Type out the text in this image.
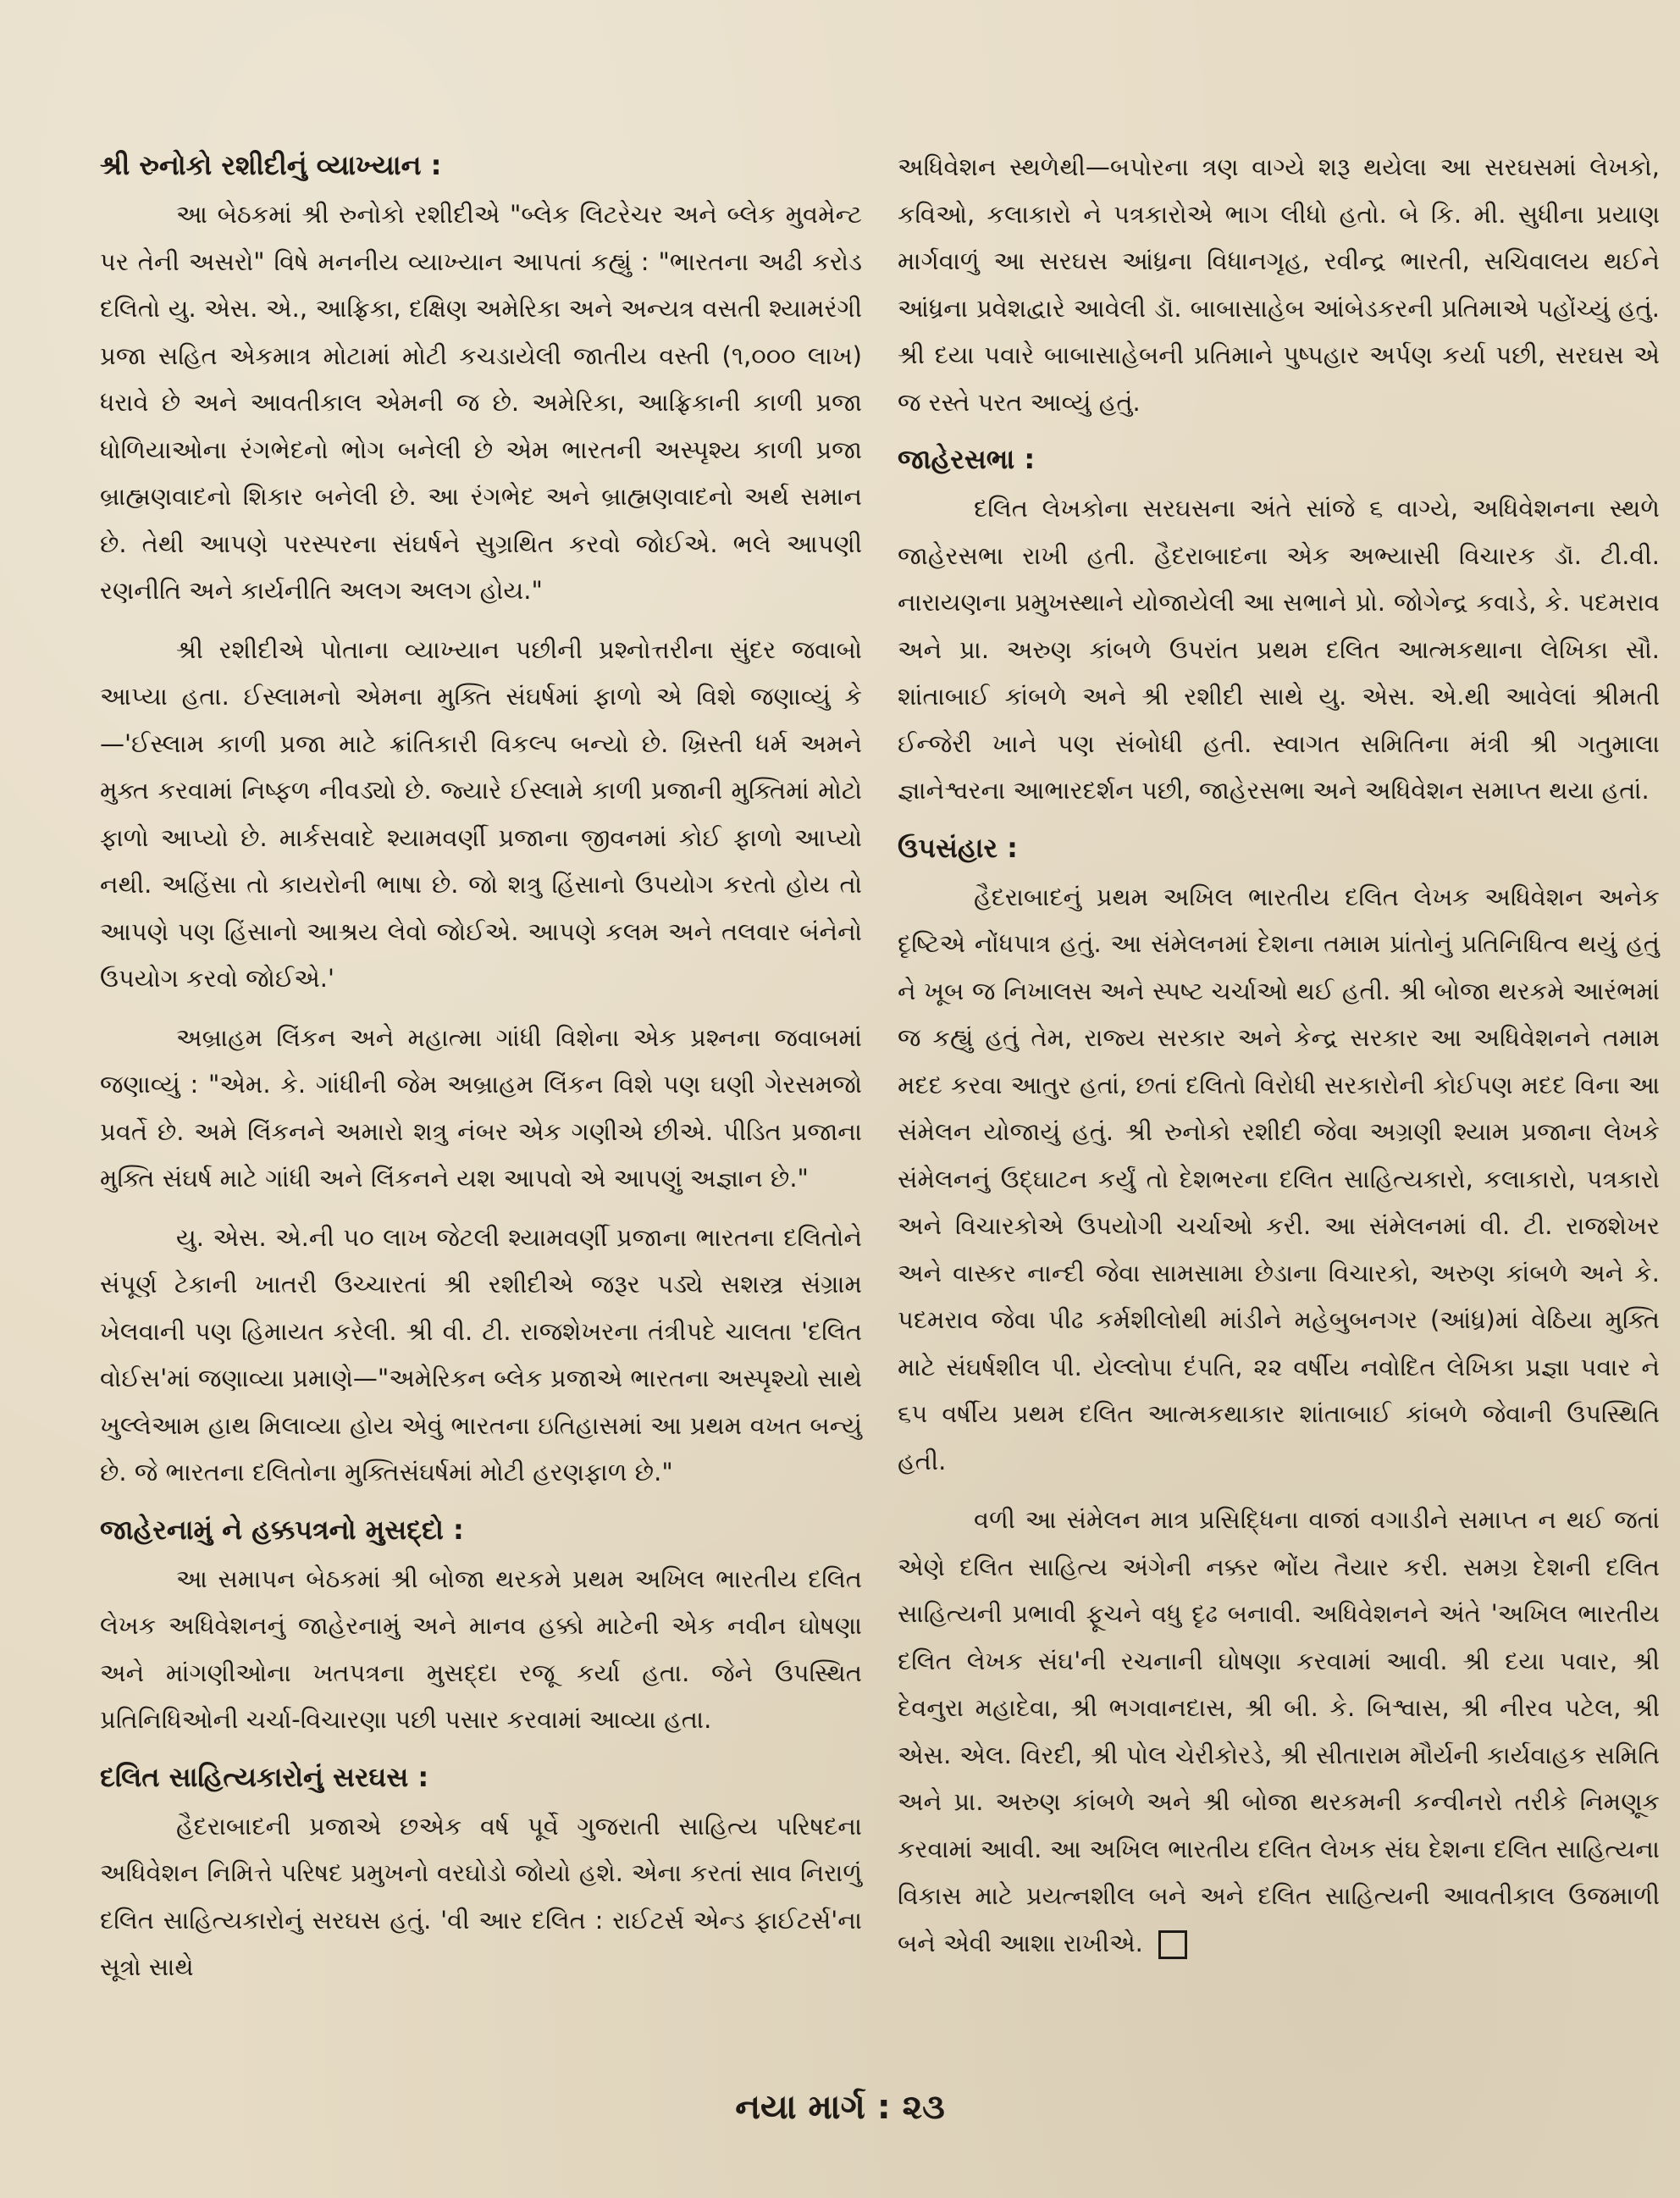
શ્રી રુનોકો રશીદીનું વ્યાખ્યાન :

આ બેઠકમાં શ્રી રુનોકો રશીદીએ "બ્લેક લિટરેચર અને બ્લેક મુવમેન્ટ પર તેની અસરો" વિષે મનનીય વ્યાખ્યાન આપતાં કહ્યું : "ભારતના અઢી કરોડ દલિતો યુ. એસ. એ., આફ્રિકા, દક્ષિણ અમેરિકા અને અન્યત્ર વસતી શ્યામરંગી પ્રજા સહિત એકમાત્ર મોટામાં મોટી કચડાયેલી જાતીય વસ્તી (૧,૦૦૦ લાખ) ધરાવે છે અને આવતીકાલ એમની જ છે. અમેરિકા, આફ્રિકાની કાળી પ્રજા ધોળિયાઓના રંગભેદનો ભોગ બનેલી છે એમ ભારતની અસ્પૃશ્ય કાળી પ્રજા બ્રાહ્મણવાદનો શિકાર બનેલી છે. આ રંગભેદ અને બ્રાહ્મણવાદનો અર્થ સમાન છે. તેથી આપણે પરસ્પરના સંઘર્ષને સુગ્રથિત કરવો જોઈએ. ભલે આપણી રણનીતિ અને કાર્યનીતિ અલગ અલગ હોય."

શ્રી રશીદીએ પોતાના વ્યાખ્યાન પછીની પ્રશ્નોત્તરીના સુંદર જવાબો આપ્યા હતા. ઈસ્લામનો એમના મુક્તિ સંઘર્ષમાં ફાળો એ વિશે જણાવ્યું કે—'ઈસ્લામ કાળી પ્રજા માટે ક્રાંતિકારી વિકલ્પ બન્યો છે. ખ્રિસ્તી ધર્મ અમને મુક્ત કરવામાં નિષ્ફળ નીવડ્યો છે. જ્યારે ઈસ્લામે કાળી પ્રજાની મુક્તિમાં મોટો ફાળો આપ્યો છે. માર્કસવાદે શ્યામવર્ણી પ્રજાના જીવનમાં કોઈ ફાળો આપ્યો નથી. અહિંસા તો કાયરોની ભાષા છે. જો શત્રુ હિંસાનો ઉપયોગ કરતો હોય તો આપણે પણ હિંસાનો આશ્રય લેવો જોઈએ. આપણે કલમ અને તલવાર બંનેનો ઉપયોગ કરવો જોઈએ.'

અબ્રાહમ લિંકન અને મહાત્મા ગાંધી વિશેના એક પ્રશ્નના જવાબમાં જણાવ્યું : "એમ. કે. ગાંધીની જેમ અબ્રાહમ લિંકન વિશે પણ ઘણી ગેરસમજો પ્રવર્તે છે. અમે લિંકનને અમારો શત્રુ નંબર એક ગણીએ છીએ. પીડિત પ્રજાના મુક્તિ સંઘર્ષ માટે ગાંધી અને લિંકનને યશ આપવો એ આપણું અજ્ઞાન છે."

યુ. એસ. એ.ની ૫૦ લાખ જેટલી શ્યામવર્ણી પ્રજાના ભારતના દલિતોને સંપૂર્ણ ટેકાની ખાતરી ઉચ્ચારતાં શ્રી રશીદીએ જરૂર પડ્યે સશસ્ત્ર સંગ્રામ ખેલવાની પણ હિમાયત કરેલી. શ્રી વી. ટી. રાજશેખરના તંત્રીપદે ચાલતા 'દલિત વોઈસ'માં જણાવ્યા પ્રમાણે—"અમેરિકન બ્લેક પ્રજાએ ભારતના અસ્પૃશ્યો સાથે ખુલ્લેઆમ હાથ મિલાવ્યા હોય એવું ભારતના ઇતિહાસમાં આ પ્રથમ વખત બન્યું છે. જે ભારતના દલિતોના મુક્તિસંઘર્ષમાં મોટી હરણફાળ છે."

જાહેરનામું ને હક્કપત્રનો મુસદ્દો :

આ સમાપન બેઠકમાં શ્રી બોજા થરકમે પ્રથમ અખિલ ભારતીય દલિત લેખક અધિવેશનનું જાહેરનામું અને માનવ હક્કો માટેની એક નવીન ઘોષણા અને માંગણીઓના ખતપત્રના મુસદ્દા રજૂ કર્યા હતા. જેને ઉપસ્થિત પ્રતિનિધિઓની ચર્ચા-વિચારણા પછી પસાર કરવામાં આવ્યા હતા.

દલિત સાહિત્યકારોનું સરઘસ :

હૈદરાબાદની પ્રજાએ છએક વર્ષ પૂર્વે ગુજરાતી સાહિત્ય પરિષદના અધિવેશન નિમિત્તે પરિષદ પ્રમુખનો વરઘોડો જોયો હશે. એના કરતાં સાવ નિરાળું દલિત સાહિત્યકારોનું સરઘસ હતું. 'વી આર દલિત : રાઈટર્સ એન્ડ ફાઈટર્સ'ના સૂત્રો સાથે

અધિવેશન સ્થળેથી—બપોરના ત્રણ વાગ્યે શરૂ થયેલા આ સરઘસમાં લેખકો, કવિઓ, કલાકારો ને પત્રકારોએ ભાગ લીધો હતો. બે કિ. મી. સુધીના પ્રયાણ માર્ગવાળું આ સરઘસ આંધ્રના વિધાનગૃહ, રવીન્દ્ર ભારતી, સચિવાલય થઈને આંધ્રના પ્રવેશદ્વારે આવેલી ડૉ. બાબાસાહેબ આંબેડકરની પ્રતિમાએ પહોંચ્યું હતું. શ્રી દયા પવારે બાબાસાહેબની પ્રતિમાને પુષ્પહાર અર્પણ કર્યા પછી, સરઘસ એ જ રસ્તે પરત આવ્યું હતું.

જાહેરસભા :

દલિત લેખકોના સરઘસના અંતે સાંજે ૬ વાગ્યે, અધિવેશનના સ્થળે જાહેરસભા રાખી હતી. હૈદરાબાદના એક અભ્યાસી વિચારક ડૉ. ટી.વી. નારાયણના પ્રમુખસ્થાને યોજાયેલી આ સભાને પ્રો. જોગેન્દ્ર કવાડે, કે. પદમરાવ અને પ્રા. અરુણ કાંબળે ઉપરાંત પ્રથમ દલિત આત્મકથાના લેખિકા સૌ. શાંતાબાઈ કાંબળે અને શ્રી રશીદી સાથે યુ. એસ. એ.થી આવેલાં શ્રીમતી ઈન્જેરી ખાને પણ સંબોધી હતી. સ્વાગત સમિતિના મંત્રી શ્રી ગતુમાલા જ્ઞાનેશ્વરના આભારદર્શન પછી, જાહેરસભા અને અધિવેશન સમાપ્ત થયા હતાં.

ઉપસંહાર :

હૈદરાબાદનું પ્રથમ અખિલ ભારતીય દલિત લેખક અધિવેશન અનેક દૃષ્ટિએ નોંધપાત્ર હતું. આ સંમેલનમાં દેશના તમામ પ્રાંતોનું પ્રતિનિધિત્વ થયું હતું ને ખૂબ જ નિખાલસ અને સ્પષ્ટ ચર્ચાઓ થઈ હતી. શ્રી બોજા થરકમે આરંભમાં જ કહ્યું હતું તેમ, રાજ્ય સરકાર અને કેન્દ્ર સરકાર આ અધિવેશનને તમામ મદદ કરવા આતુર હતાં, છતાં દલિતો વિરોધી સરકારોની કોઈપણ મદદ વિના આ સંમેલન યોજાયું હતું. શ્રી રુનોકો રશીદી જેવા અગ્રણી શ્યામ પ્રજાના લેખકે સંમેલનનું ઉદ્‌ઘાટન કર્યું તો દેશભરના દલિત સાહિત્યકારો, કલાકારો, પત્રકારો અને વિચારકોએ ઉપયોગી ચર્ચાઓ કરી. આ સંમેલનમાં વી. ટી. રાજશેખર અને વાસ્કર નાન્દી જેવા સામસામા છેડાના વિચારકો, અરુણ કાંબળે અને કે. પદમરાવ જેવા પીઢ કર્મશીલોથી માંડીને મહેબુબનગર (આંધ્ર)માં વેઠિયા મુક્તિ માટે સંઘર્ષશીલ પી. યેલ્લોપા દંપતિ, ૨૨ વર્ષીય નવોદિત લેખિકા પ્રજ્ઞા પવાર ને ૬૫ વર્ષીય પ્રથમ દલિત આત્મકથાકાર શાંતાબાઈ કાંબળે જેવાની ઉપસ્થિતિ હતી.

વળી આ સંમેલન માત્ર પ્રસિદ્ધિના વાજાં વગાડીને સમાપ્ત ન થઈ જતાં એણે દલિત સાહિત્ય અંગેની નક્કર ભોંય તૈયાર કરી. સમગ્ર દેશની દલિત સાહિત્યની પ્રભાવી ફૂચને વધુ દૃઢ બનાવી. અધિવેશનને અંતે 'અખિલ ભારતીય દલિત લેખક સંઘ'ની રચનાની ઘોષણા કરવામાં આવી. શ્રી દયા પવાર, શ્રી દેવનુરા મહાદેવા, શ્રી ભગવાનદાસ, શ્રી બી. કે. બિશ્વાસ, શ્રી નીરવ પટેલ, શ્રી એસ. એલ. વિરદી, શ્રી પોલ ચેરીકોરડે, શ્રી સીતારામ મૌર્યની કાર્યવાહક સમિતિ અને પ્રા. અરુણ કાંબળે અને શ્રી બોજા થરકમની કન્વીનરો તરીકે નિમણૂક કરવામાં આવી. આ અખિલ ભારતીય દલિત લેખક સંઘ દેશના દલિત સાહિત્યના વિકાસ માટે પ્રયત્નશીલ બને અને દલિત સાહિત્યની આવતીકાલ ઉજમાળી બને એવી આશા રાખીએ.

નયા માર્ગ : ૨૩
